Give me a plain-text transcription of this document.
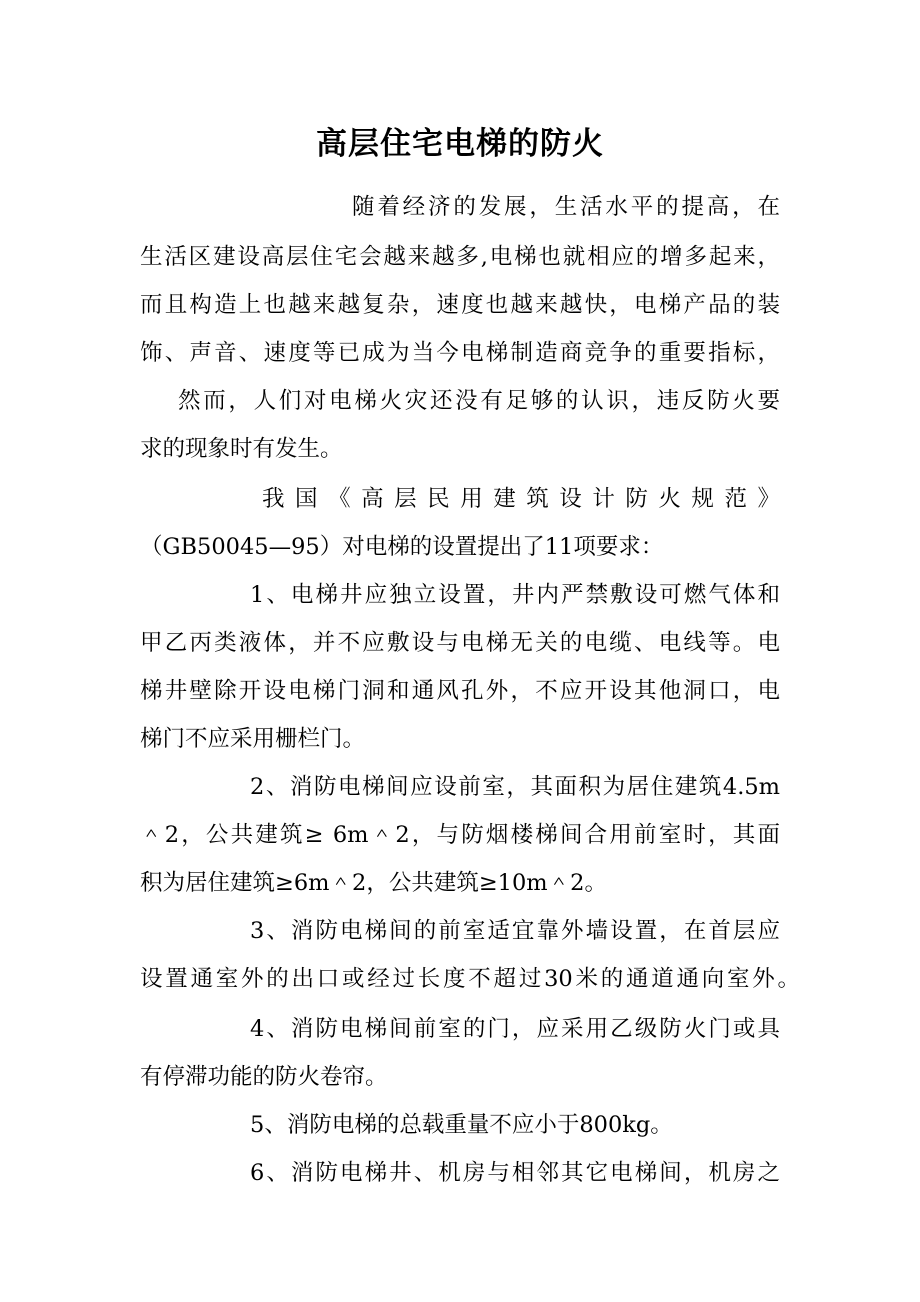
高层住宅电梯的防火
随着经济的发展，生活水平的提高，在
生活区建设高层住宅会越来越多,电梯也就相应的增多起来，
而且构造上也越来越复杂，速度也越来越快，电梯产品的装
饰、声音、速度等已成为当今电梯制造商竞争的重要指标，
然而，人们对电梯火灾还没有足够的认识，违反防火要
求的现象时有发生。
我国《高层民用建筑设计防火规范》
（GB50045—95）对电梯的设置提出了11项要求：
1、电梯井应独立设置，井内严禁敷设可燃气体和
甲乙丙类液体，并不应敷设与电梯无关的电缆、电线等。电
梯井壁除开设电梯门洞和通风孔外，不应开设其他洞口，电
梯门不应采用栅栏门。
2、消防电梯间应设前室，其面积为居住建筑4.5m
＾2，公共建筑≥ 6m＾2，与防烟楼梯间合用前室时，其面
积为居住建筑≥6m＾2，公共建筑≥10m＾2。
3、消防电梯间的前室适宜靠外墙设置，在首层应
设置通室外的出口或经过长度不超过30米的通道通向室外。
4、消防电梯间前室的门，应采用乙级防火门或具
有停滞功能的防火卷帘。
5、消防电梯的总载重量不应小于800kg。
6、消防电梯井、机房与相邻其它电梯间，机房之
